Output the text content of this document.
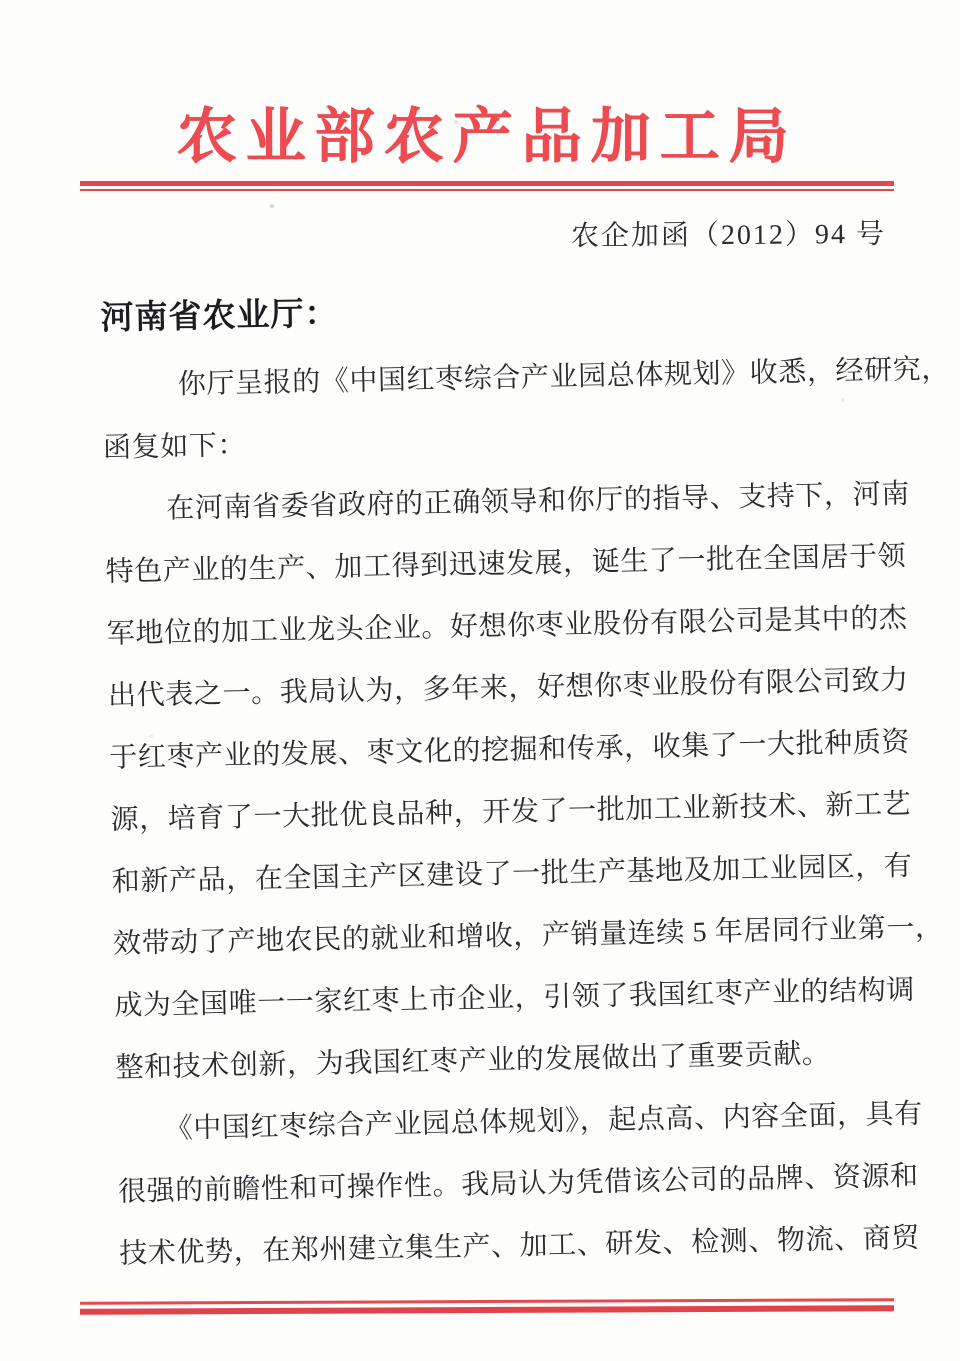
农业部农产品加工局
农企加函（2012）94 号
河南省农业厅：
你厅呈报的《中国红枣综合产业园总体规划》收悉，经研究，
函复如下：
在河南省委省政府的正确领导和你厅的指导、支持下，河南
特色产业的生产、加工得到迅速发展，诞生了一批在全国居于领
军地位的加工业龙头企业。好想你枣业股份有限公司是其中的杰
出代表之一。我局认为，多年来，好想你枣业股份有限公司致力
于红枣产业的发展、枣文化的挖掘和传承，收集了一大批种质资
源，培育了一大批优良品种，开发了一批加工业新技术、新工艺
和新产品，在全国主产区建设了一批生产基地及加工业园区，有
效带动了产地农民的就业和增收，产销量连续 5 年居同行业第一，
成为全国唯一一家红枣上市企业，引领了我国红枣产业的结构调
整和技术创新，为我国红枣产业的发展做出了重要贡献。
《中国红枣综合产业园总体规划》，起点高、内容全面，具有
很强的前瞻性和可操作性。我局认为凭借该公司的品牌、资源和
技术优势，在郑州建立集生产、加工、研发、检测、物流、商贸
